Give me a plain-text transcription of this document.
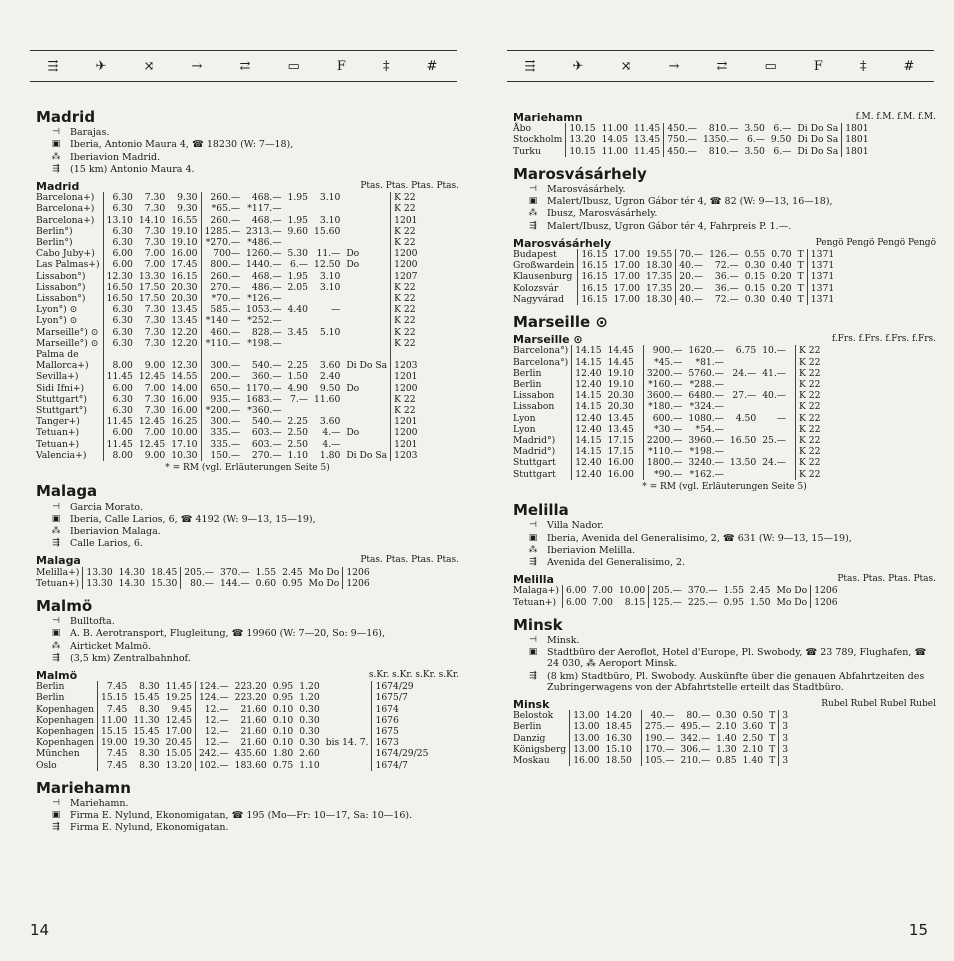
⇶	✈	⤨	→	⇄	▭	F	‡	#
Madrid
⊣	Barajas.
▣	Iberia, Antonio Maura 4, ☎ 18230 (W: 7—18),
⁂	Iberiavion Madrid.
⇶	(15 km) Antonio Maura 4.
Madrid	Ptas. Ptas. Ptas. Ptas.
Barcelona+)	6.30	7.30	9.30	260.—	468.—	1.95	3.10		K 22
Barcelona+)	6.30	7.30	9.30	*65.—	*117.—				K 22
Barcelona+)	13.10	14.10	16.55	260.—	468.—	1.95	3.10		1201
Berlin°)	6.30	7.30	19.10	1285.—	2313.—	9.60	15.60		K 22
Berlin°)	6.30	7.30	19.10	*270.—	*486.—				K 22
Cabo Juby+)	6.00	7.00	16.00	700—	1260.—	5.30	11.—	Do	1200
Las Palmas+)	6.00	7.00	17.45	800.—	1440.—	6.—	12.50	Do	1200
Lissabon°)	12.30	13.30	16.15	260.—	468.—	1.95	3.10		1207
Lissabon°)	16.50	17.50	20.30	270.—	486.—	2.05	3.10		K 22
Lissabon°)	16.50	17.50	20.30	*70.—	*126.—				K 22
Lyon°) ⊙	6.30	7.30	13.45	585.—	1053.—	4.40	—		K 22
Lyon°) ⊙	6.30	7.30	13.45	*140 —	*252.—				K 22
Marseille°) ⊙	6.30	7.30	12.20	460.—	828.—	3.45	5.10		K 22
Marseille°) ⊙	6.30	7.30	12.20	*110.—	*198.—				K 22
Palma de									
Mallorca+)	8.00	9.00	12.30	300.—	540.—	2.25	3.60	Di Do Sa	1203
Sevilla+)	11.45	12.45	14.55	200.—	360.—	1.50	2.40		1201
Sidi Ifni+)	6.00	7.00	14.00	650.—	1170.—	4.90	9.50	Do	1200
Stuttgart°)	6.30	7.30	16.00	935.—	1683.—	7.—	11.60		K 22
Stuttgart°)	6.30	7.30	16.00	*200.—	*360.—				K 22
Tanger+)	11.45	12.45	16.25	300.—	540.—	2.25	3.60		1201
Tetuan+)	6.00	7.00	10.00	335.—	603.—	2.50	4.—	Do	1200
Tetuan+)	11.45	12.45	17.10	335.—	603.—	2.50	4.—		1201
Valencia+)	8.00	9.00	10.30	150.—	270.—	1.10	1.80	Di Do Sa	1203
* = RM (vgl. Erläuterungen Seite 5)
Malaga
⊣	Garcia Morato.
▣	Iberia, Calle Larios, 6, ☎ 4192 (W: 9—13, 15—19),
⁂	Iberiavion Malaga.
⇶	Calle Larios, 6.
Malaga	Ptas. Ptas. Ptas. Ptas.
Melilla+)	13.30	14.30	18.45	205.—	370.—	1.55	2.45	Mo Do	1206
Tetuan+)	13.30	14.30	15.30	80.—	144.—	0.60	0.95	Mo Do	1206
Malmö
⊣	Bulltofta.
▣	A. B. Aerotransport, Flugleitung, ☎ 19960 (W: 7—20, So: 9—16),
⁂	Airticket Malmö.
⇶	(3,5 km) Zentralbahnhof.
Malmö	s.Kr. s.Kr. s.Kr. s.Kr.
Berlin	7.45	8.30	11.45	124.—	223.20	0.95	1.20		1674/29
Berlin	15.15	15.45	19.25	124.—	223.20	0.95	1.20		1675/7
Kopenhagen	7.45	8.30	9.45	12.—	21.60	0.10	0.30		1674
Kopenhagen	11.00	11.30	12.45	12.—	21.60	0.10	0.30		1676
Kopenhagen	15.15	15.45	17.00	12.—	21.60	0.10	0.30		1675
Kopenhagen	19.00	19.30	20.45	12.—	21.60	0.10	0.30	bis 14. 7.	1673
München	7.45	8.30	15.05	242.—	435.60	1.80	2.60		1674/29/25
Oslo	7.45	8.30	13.20	102.—	183.60	0.75	1.10		1674/7
Mariehamn
⊣	Mariehamn.
▣	Firma E. Nylund, Ekonomigatan, ☎ 195 (Mo—Fr: 10—17, Sa: 10—16).
⇶	Firma E. Nylund, Ekonomigatan.
14
⇶	✈	⤨	→	⇄	▭	F	‡	#
Mariehamn	f.M. f.M. f.M. f.M.
Åbo	10.15	11.00	11.45	450.—	810.—	3.50	6.—	Di Do Sa	1801
Stockholm	13.20	14.05	13.45	750.—	1350.—	6.—	9.50	Di Do Sa	1801
Turku	10.15	11.00	11.45	450.—	810.—	3.50	6.—	Di Do Sa	1801
Marosvásárhely
⊣	Marosvásárhely.
▣	Malert/Ibusz, Ugron Gábor tér 4, ☎ 82 (W: 9—13, 16—18),
⁂	Ibusz, Marosvásárhely.
⇶	Malert/Ibusz, Ugron Gábor tér 4, Fahrpreis P. 1.—.
Marosvásárhely	Pengö Pengö Pengö Pengö
Budapest	16.15	17.00	19.55	70.—	126.—	0.55	0.70	T	1371
Großwardein	16.15	17.00	18.30	40.—	72.—	0.30	0.40	T	1371
Klausenburg	16.15	17.00	17.35	20.—	36.—	0.15	0.20	T	1371
Kolozsvár	16.15	17.00	17.35	20.—	36.—	0.15	0.20	T	1371
Nagyvárad	16.15	17.00	18.30	40.—	72.—	0.30	0.40	T	1371
Marseille ⊙
Marseille ⊙	f.Frs. f.Frs. f.Frs. f.Frs.
Barcelona°)	14.15	14.45		900.—	1620.—	6.75	10.—		K 22
Barcelona°)	14.15	14.45		*45.—	*81.—				K 22
Berlin	12.40	19.10		3200.—	5760.—	24.—	41.—		K 22
Berlin	12.40	19.10		*160.—	*288.—				K 22
Lissabon	14.15	20.30		3600.—	6480.—	27.—	40.—		K 22
Lissabon	14.15	20.30		*180.—	*324.—				K 22
Lyon	12.40	13.45		600.—	1080.—	4.50	—		K 22
Lyon	12.40	13.45		*30 —	*54.—				K 22
Madrid°)	14.15	17.15		2200.—	3960.—	16.50	25.—		K 22
Madrid°)	14.15	17.15		*110.—	*198.—				K 22
Stuttgart	12.40	16.00		1800.—	3240.—	13.50	24.—		K 22
Stuttgart	12.40	16.00		*90.—	*162.—				K 22
* = RM (vgl. Erläuterungen Seite 5)
Melilla
⊣	Villa Nador.
▣	Iberia, Avenida del Generalisimo, 2, ☎ 631 (W: 9—13, 15—19),
⁂	Iberiavion Melilla.
⇶	Avenida del Generalisimo, 2.
Melilla	Ptas. Ptas. Ptas. Ptas.
Malaga+)	6.00	7.00	10.00	205.—	370.—	1.55	2.45	Mo Do	1206
Tetuan+)	6.00	7.00	8.15	125.—	225.—	0.95	1.50	Mo Do	1206
Minsk
⊣	Minsk.
▣	Stadtbüro der Aeroflot, Hotel d'Europe, Pl. Swobody, ☎ 23 789, Flughafen, ☎ 24 030, ⁂ Aeroport Minsk.
⇶	(8 km) Stadtbüro, Pl. Swobody. Auskünfte über die genauen Abfahrtzeiten des Zubringerwagens von der Abfahrtstelle erteilt das Stadtbüro.
Minsk	Rubel Rubel Rubel Rubel
Belostok	13.00	14.20		40.—	80.—	0.30	0.50	T	3
Berlin	13.00	18.45		275.—	495.—	2.10	3.60	T	3
Danzig	13.00	16.30		190.—	342.—	1.40	2.50	T	3
Königsberg	13.00	15.10		170.—	306.—	1.30	2.10	T	3
Moskau	16.00	18.50		105.—	210.—	0.85	1.40	T	3
15
